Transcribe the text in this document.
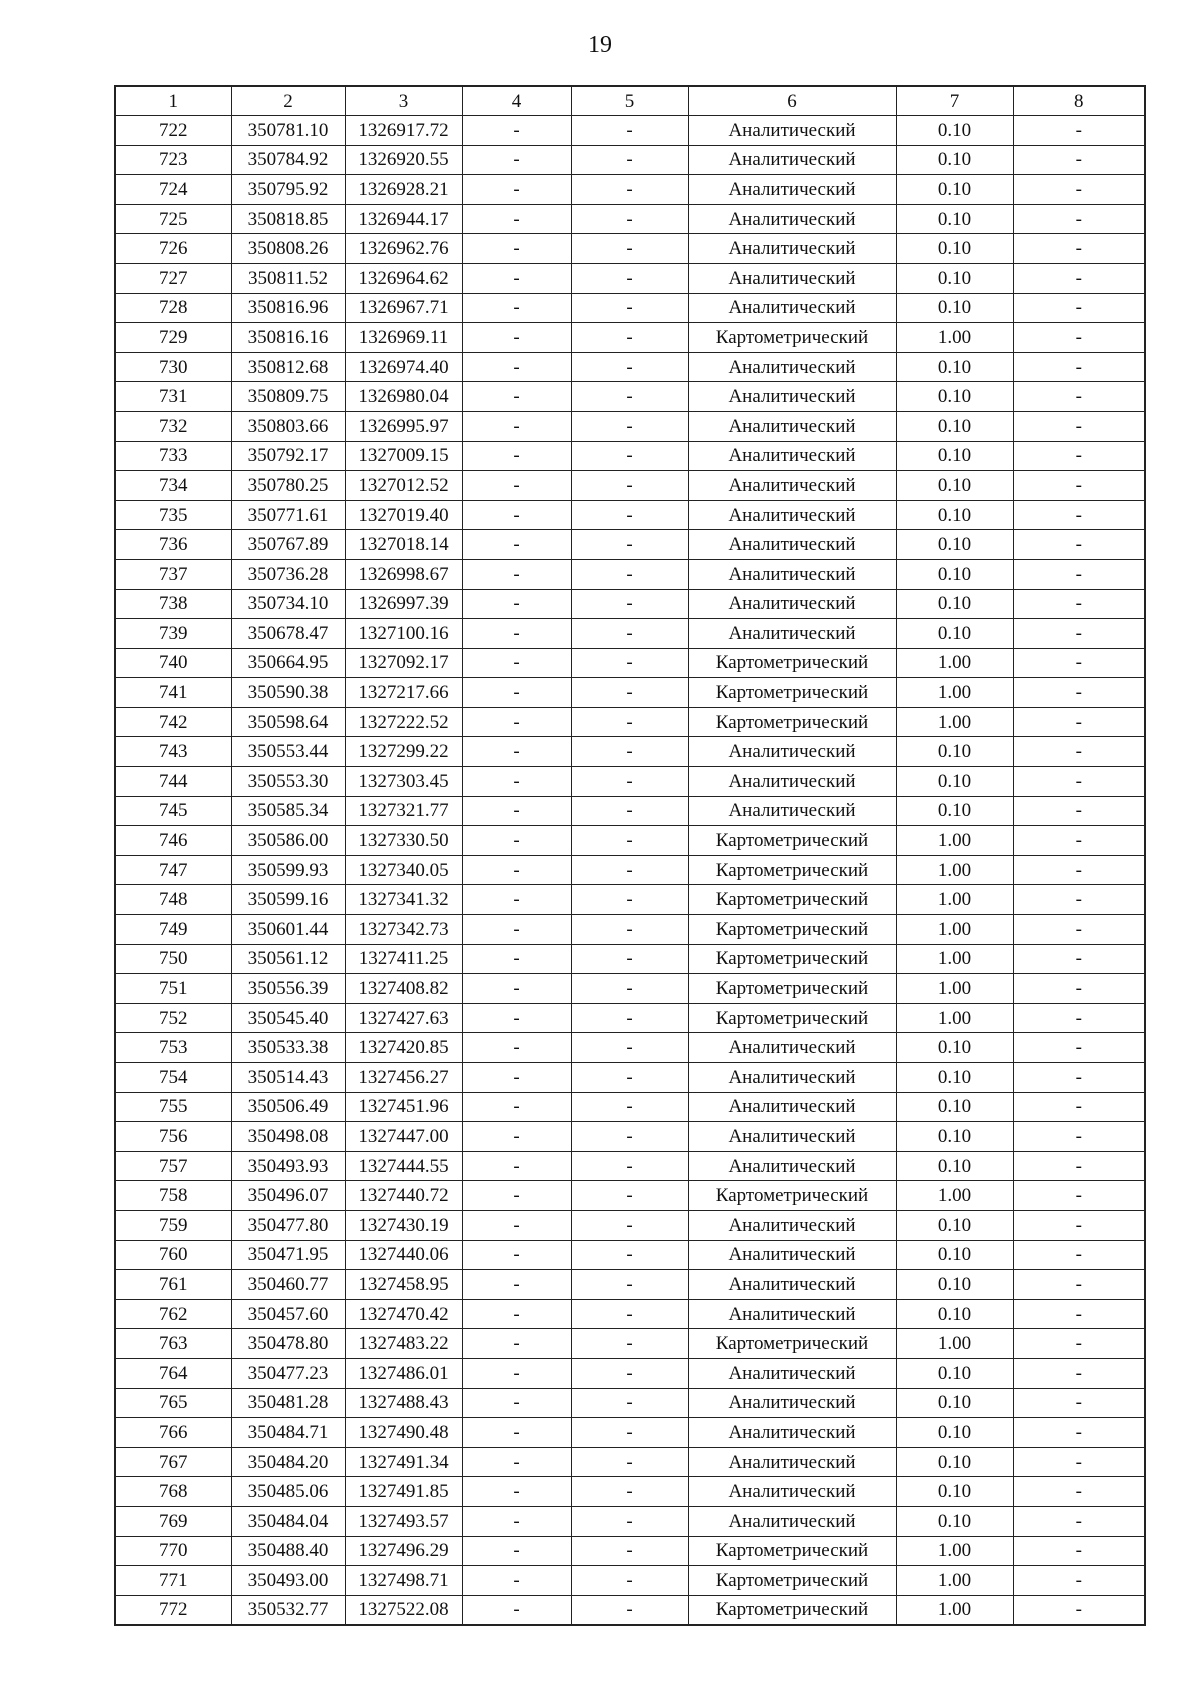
19
1	2	3	4	5	6	7	8
722	350781.10	1326917.72	-	-	Аналитический	0.10	-
723	350784.92	1326920.55	-	-	Аналитический	0.10	-
724	350795.92	1326928.21	-	-	Аналитический	0.10	-
725	350818.85	1326944.17	-	-	Аналитический	0.10	-
726	350808.26	1326962.76	-	-	Аналитический	0.10	-
727	350811.52	1326964.62	-	-	Аналитический	0.10	-
728	350816.96	1326967.71	-	-	Аналитический	0.10	-
729	350816.16	1326969.11	-	-	Картометрический	1.00	-
730	350812.68	1326974.40	-	-	Аналитический	0.10	-
731	350809.75	1326980.04	-	-	Аналитический	0.10	-
732	350803.66	1326995.97	-	-	Аналитический	0.10	-
733	350792.17	1327009.15	-	-	Аналитический	0.10	-
734	350780.25	1327012.52	-	-	Аналитический	0.10	-
735	350771.61	1327019.40	-	-	Аналитический	0.10	-
736	350767.89	1327018.14	-	-	Аналитический	0.10	-
737	350736.28	1326998.67	-	-	Аналитический	0.10	-
738	350734.10	1326997.39	-	-	Аналитический	0.10	-
739	350678.47	1327100.16	-	-	Аналитический	0.10	-
740	350664.95	1327092.17	-	-	Картометрический	1.00	-
741	350590.38	1327217.66	-	-	Картометрический	1.00	-
742	350598.64	1327222.52	-	-	Картометрический	1.00	-
743	350553.44	1327299.22	-	-	Аналитический	0.10	-
744	350553.30	1327303.45	-	-	Аналитический	0.10	-
745	350585.34	1327321.77	-	-	Аналитический	0.10	-
746	350586.00	1327330.50	-	-	Картометрический	1.00	-
747	350599.93	1327340.05	-	-	Картометрический	1.00	-
748	350599.16	1327341.32	-	-	Картометрический	1.00	-
749	350601.44	1327342.73	-	-	Картометрический	1.00	-
750	350561.12	1327411.25	-	-	Картометрический	1.00	-
751	350556.39	1327408.82	-	-	Картометрический	1.00	-
752	350545.40	1327427.63	-	-	Картометрический	1.00	-
753	350533.38	1327420.85	-	-	Аналитический	0.10	-
754	350514.43	1327456.27	-	-	Аналитический	0.10	-
755	350506.49	1327451.96	-	-	Аналитический	0.10	-
756	350498.08	1327447.00	-	-	Аналитический	0.10	-
757	350493.93	1327444.55	-	-	Аналитический	0.10	-
758	350496.07	1327440.72	-	-	Картометрический	1.00	-
759	350477.80	1327430.19	-	-	Аналитический	0.10	-
760	350471.95	1327440.06	-	-	Аналитический	0.10	-
761	350460.77	1327458.95	-	-	Аналитический	0.10	-
762	350457.60	1327470.42	-	-	Аналитический	0.10	-
763	350478.80	1327483.22	-	-	Картометрический	1.00	-
764	350477.23	1327486.01	-	-	Аналитический	0.10	-
765	350481.28	1327488.43	-	-	Аналитический	0.10	-
766	350484.71	1327490.48	-	-	Аналитический	0.10	-
767	350484.20	1327491.34	-	-	Аналитический	0.10	-
768	350485.06	1327491.85	-	-	Аналитический	0.10	-
769	350484.04	1327493.57	-	-	Аналитический	0.10	-
770	350488.40	1327496.29	-	-	Картометрический	1.00	-
771	350493.00	1327498.71	-	-	Картометрический	1.00	-
772	350532.77	1327522.08	-	-	Картометрический	1.00	-
